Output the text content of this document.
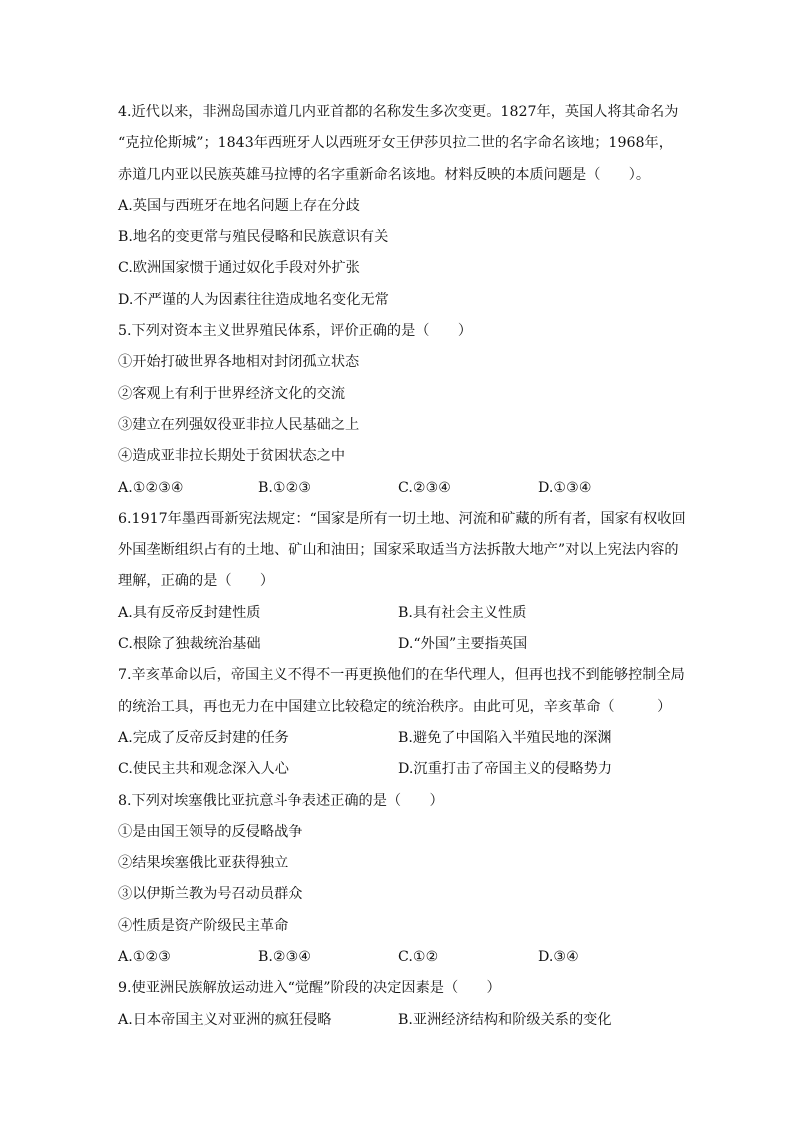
4.近代以来，非洲岛国赤道几内亚首都的名称发生多次变更。1827年，英国人将其命名为
“克拉伦斯城”；1843年西班牙人以西班牙女王伊莎贝拉二世的名字命名该地；1968年，
赤道几内亚以民族英雄马拉博的名字重新命名该地。材料反映的本质问题是（　　）。
A.英国与西班牙在地名问题上存在分歧
B.地名的变更常与殖民侵略和民族意识有关
C.欧洲国家惯于通过奴化手段对外扩张
D.不严谨的人为因素往往造成地名变化无常
5.下列对资本主义世界殖民体系，评价正确的是（　　）
①开始打破世界各地相对封闭孤立状态
②客观上有利于世界经济文化的交流
③建立在列强奴役亚非拉人民基础之上
④造成亚非拉长期处于贫困状态之中
A.①②③④	B.①②③	C.②③④	D.①③④
6.1917年墨西哥新宪法规定：“国家是所有一切土地、河流和矿藏的所有者，国家有权收回
外国垄断组织占有的土地、矿山和油田；国家采取适当方法拆散大地产”对以上宪法内容的
理解，正确的是（　　）
A.具有反帝反封建性质	B.具有社会主义性质
C.根除了独裁统治基础	D.“外国”主要指英国
7.辛亥革命以后，帝国主义不得不一再更换他们的在华代理人，但再也找不到能够控制全局
的统治工具，再也无力在中国建立比较稳定的统治秩序。由此可见，辛亥革命（　　　）
A.完成了反帝反封建的任务	B.避免了中国陷入半殖民地的深渊
C.使民主共和观念深入人心	D.沉重打击了帝国主义的侵略势力
8.下列对埃塞俄比亚抗意斗争表述正确的是（　　）
①是由国王领导的反侵略战争
②结果埃塞俄比亚获得独立
③以伊斯兰教为号召动员群众
④性质是资产阶级民主革命
A.①②③	B.②③④	C.①②	D.③④
9.使亚洲民族解放运动进入“觉醒”阶段的决定因素是（　　）
A.日本帝国主义对亚洲的疯狂侵略	B.亚洲经济结构和阶级关系的变化
